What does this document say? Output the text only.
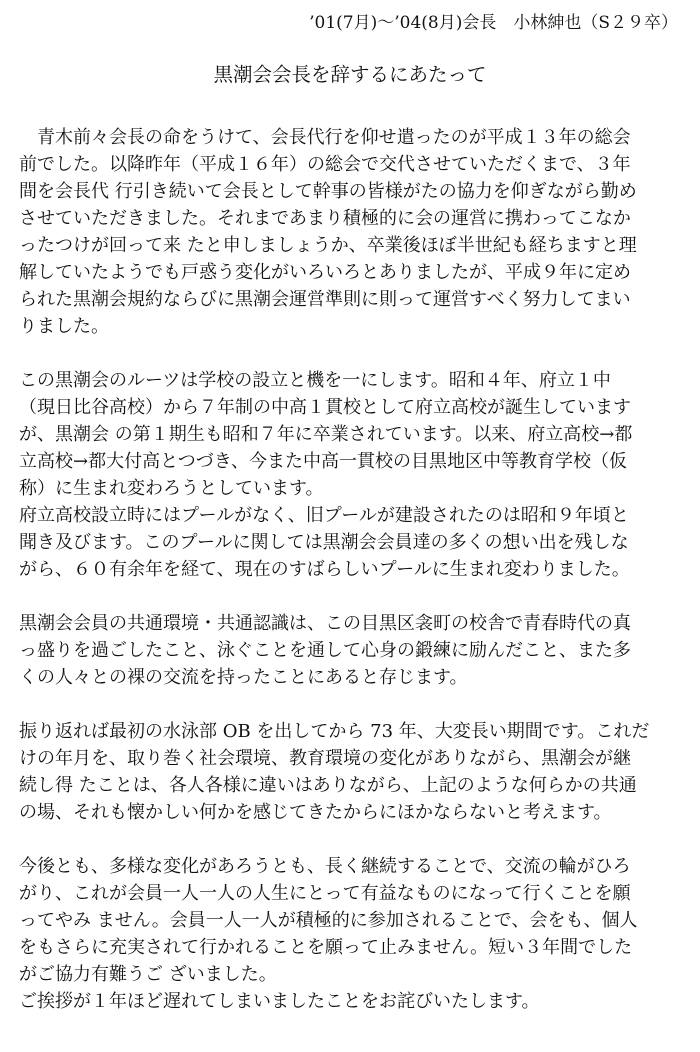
’01(7月)～’04(8月)会長　小林紳也（S２９卒）
黒潮会会長を辞するにあたって
　青木前々会長の命をうけて、会長代行を仰せ遣ったのが平成１３年の総会
前でした。以降昨年（平成１６年）の総会で交代させていただくまで、３年
間を会長代 行引き続いて会長として幹事の皆様がたの協力を仰ぎながら勤め
させていただきました。それまであまり積極的に会の運営に携わってこなか
ったつけが回って来 たと申しましょうか、卒業後ほぼ半世紀も経ちますと理
解していたようでも戸惑う変化がいろいろとありましたが、平成９年に定め
られた黒潮会規約ならびに黒潮会運営準則に則って運営すべく努力してまい
りました。
この黒潮会のルーツは学校の設立と機を一にします。昭和４年、府立１中
（現日比谷高校）から７年制の中高１貫校として府立高校が誕生しています
が、黒潮会 の第１期生も昭和７年に卒業されています。以来、府立高校→都
立高校→都大付高とつづき、今また中高一貫校の目黒地区中等教育学校（仮
称）に生まれ変わろうとしています。
府立高校設立時にはプールがなく、旧プールが建設されたのは昭和９年頃と
聞き及びます。このプールに関しては黒潮会会員達の多くの想い出を残しな
がら、６０有余年を経て、現在のすばらしいプールに生まれ変わりました。
黒潮会会員の共通環境・共通認識は、この目黒区衾町の校舎で青春時代の真
っ盛りを過ごしたこと、泳ぐことを通して心身の鍛練に励んだこと、また多
くの人々との裸の交流を持ったことにあると存じます。
振り返れば最初の水泳部 OB を出してから 73 年、大変長い期間です。これだ
けの年月を、取り巻く社会環境、教育環境の変化がありながら、黒潮会が継
続し得 たことは、各人各様に違いはありながら、上記のような何らかの共通
の場、それも懐かしい何かを感じてきたからにほかならないと考えます。
今後とも、多様な変化があろうとも、長く継続することで、交流の輪がひろ
がり、これが会員一人一人の人生にとって有益なものになって行くことを願
ってやみ ません。会員一人一人が積極的に参加されることで、会をも、個人
をもさらに充実されて行かれることを願って止みません。短い３年間でした
がご協力有難うご ざいました。
ご挨拶が１年ほど遅れてしまいましたことをお詫びいたします。
